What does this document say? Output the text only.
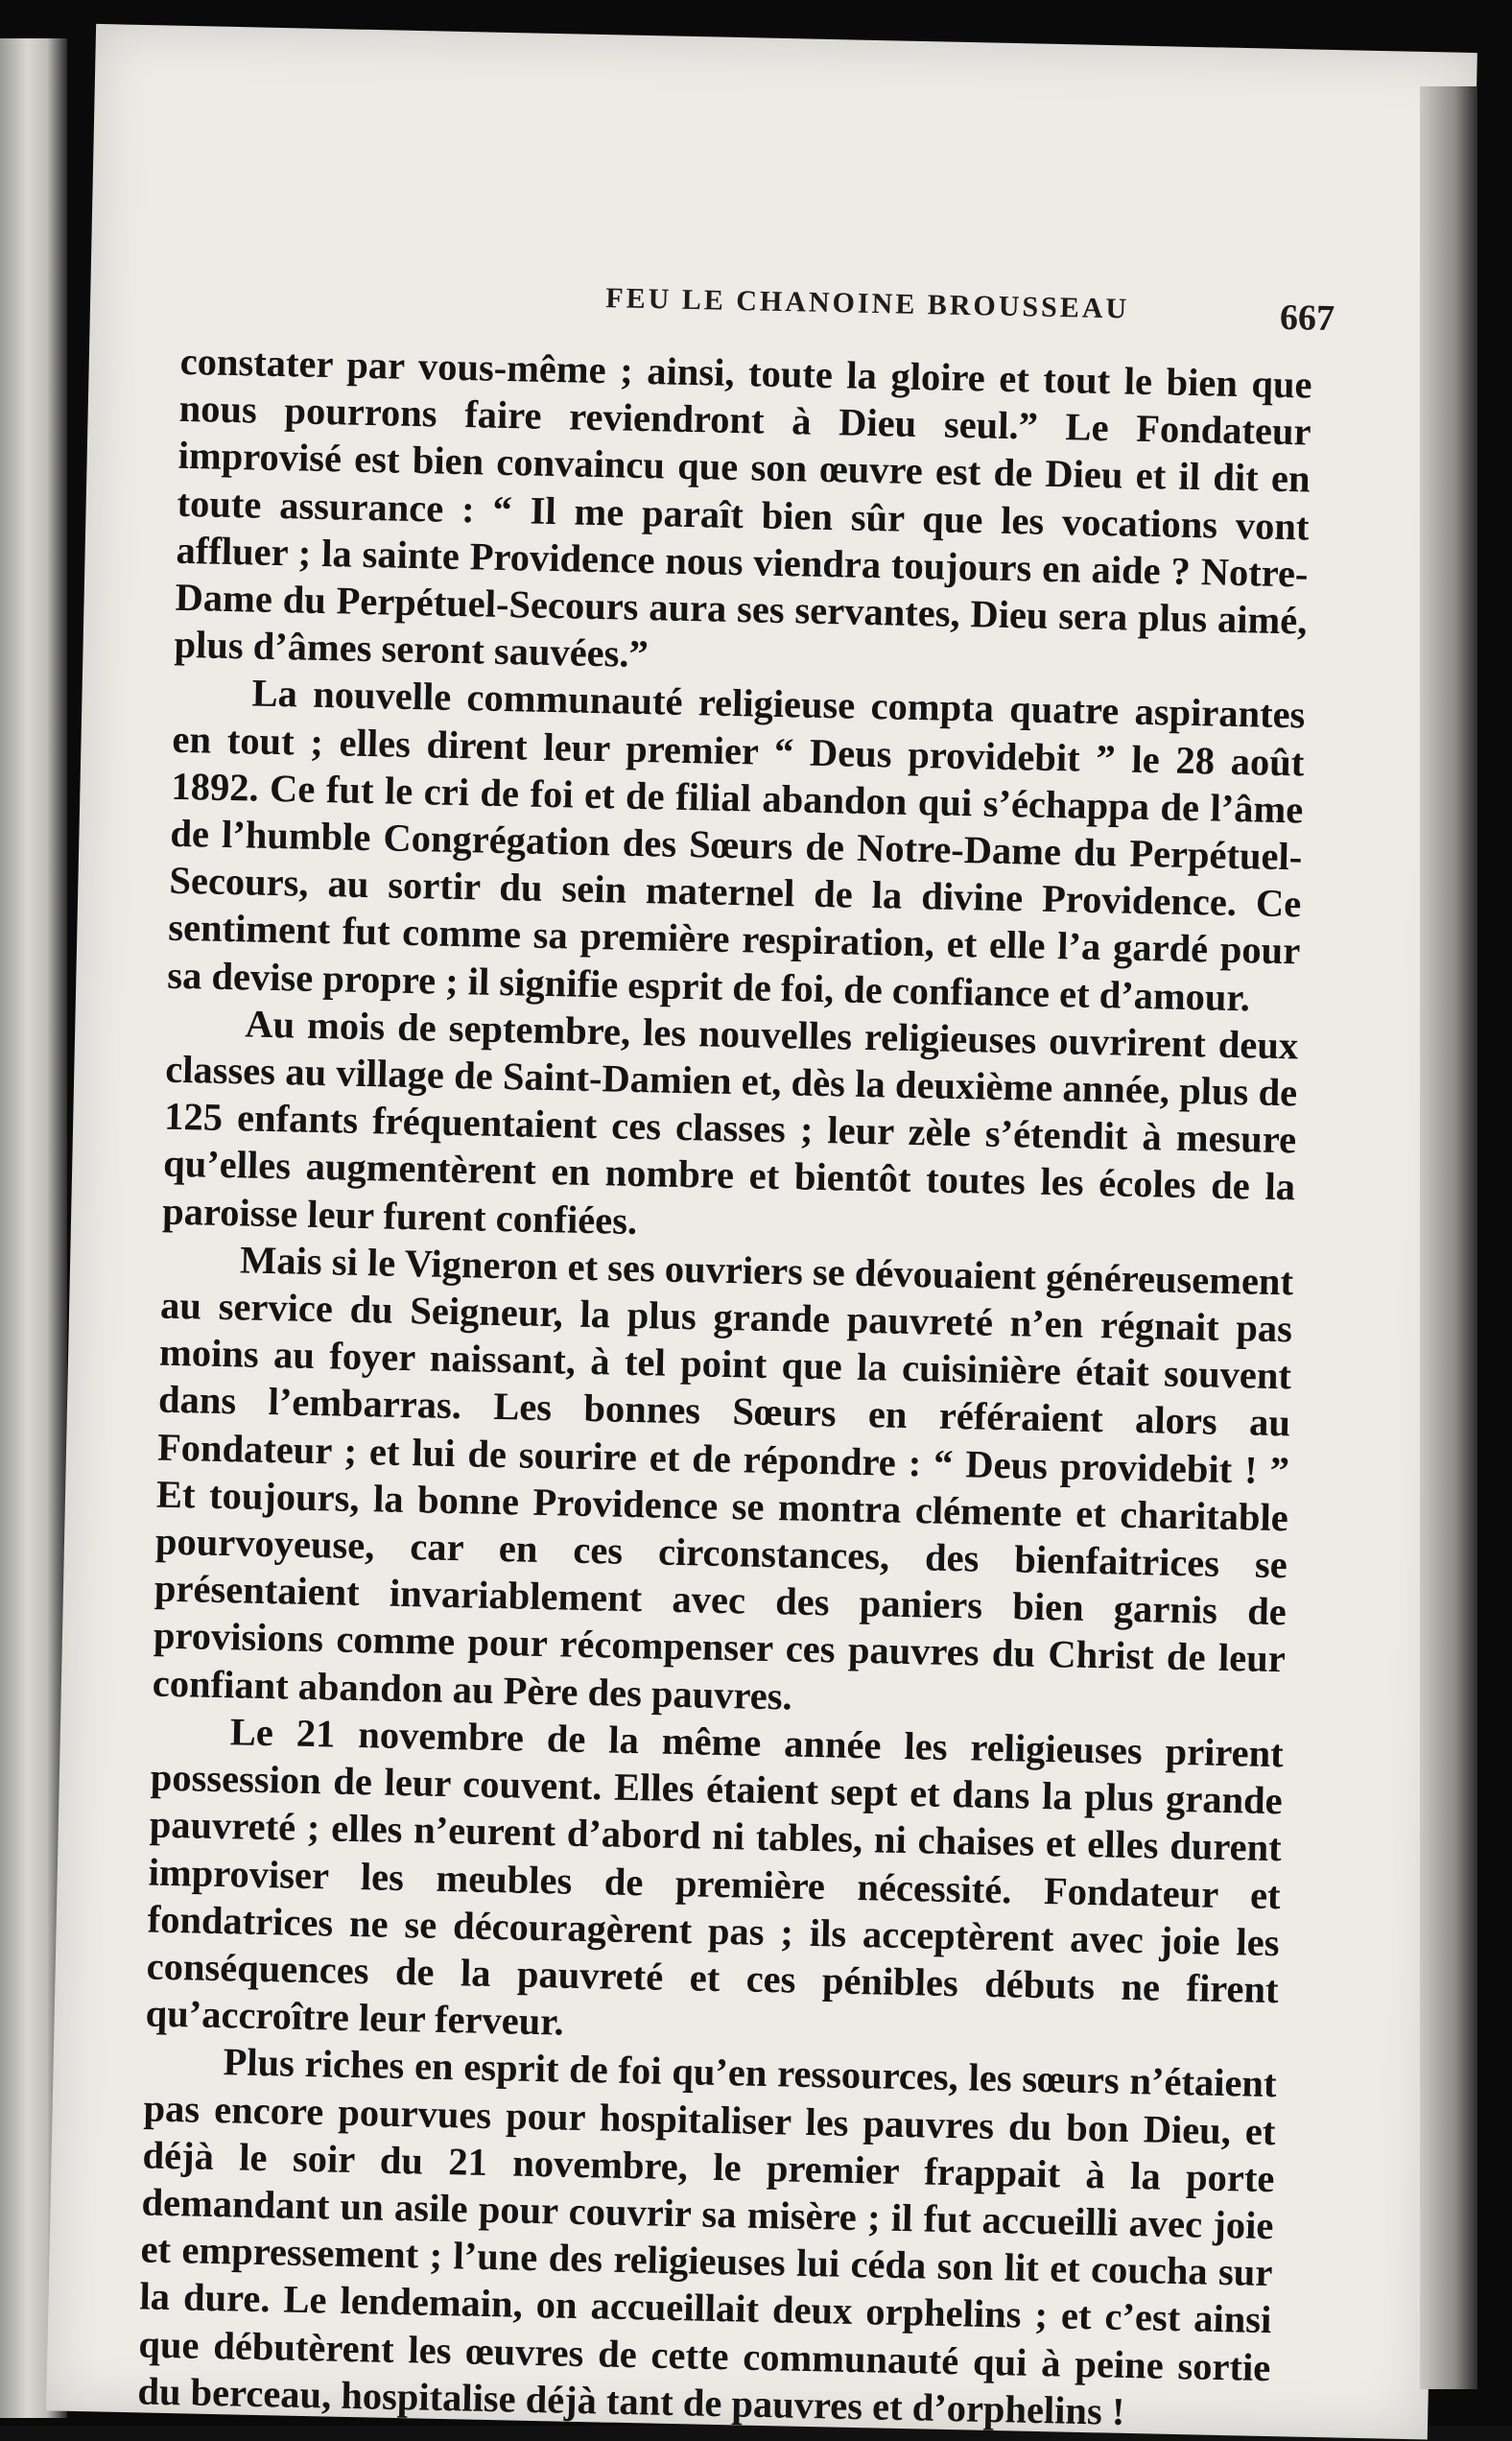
FEU LE CHANOINE BROUSSEAU	667

constater par vous-même ; ainsi, toute la gloire et tout le bien que nous pourrons faire reviendront à Dieu seul.” Le Fondateur improvisé est bien convaincu que son œuvre est de Dieu et il dit en toute assurance : “ Il me paraît bien sûr que les vocations vont affluer ; la sainte Providence nous viendra toujours en aide ? Notre-Dame du Perpétuel-Secours aura ses servantes, Dieu sera plus aimé, plus d’âmes seront sauvées.”

La nouvelle communauté religieuse compta quatre aspirantes en tout ; elles dirent leur premier “ Deus providebit ” le 28 août 1892. Ce fut le cri de foi et de filial abandon qui s’échappa de l’âme de l’humble Congrégation des Sœurs de Notre-Dame du Perpétuel-Secours, au sortir du sein maternel de la divine Providence. Ce sentiment fut comme sa première respiration, et elle l’a gardé pour sa devise propre ; il signifie esprit de foi, de confiance et d’amour.

Au mois de septembre, les nouvelles religieuses ouvrirent deux classes au village de Saint-Damien et, dès la deuxième année, plus de 125 enfants fréquentaient ces classes ; leur zèle s’étendit à mesure qu’elles augmentèrent en nombre et bientôt toutes les écoles de la paroisse leur furent confiées.

Mais si le Vigneron et ses ouvriers se dévouaient généreusement au service du Seigneur, la plus grande pauvreté n’en régnait pas moins au foyer naissant, à tel point que la cuisinière était souvent dans l’embarras. Les bonnes Sœurs en référaient alors au Fondateur ; et lui de sourire et de répondre : “ Deus providebit ! ” Et toujours, la bonne Providence se montra clémente et charitable pourvoyeuse, car en ces circonstances, des bienfaitrices se présentaient invariablement avec des paniers bien garnis de provisions comme pour récompenser ces pauvres du Christ de leur confiant abandon au Père des pauvres.

Le 21 novembre de la même année les religieuses prirent possession de leur couvent. Elles étaient sept et dans la plus grande pauvreté ; elles n’eurent d’abord ni tables, ni chaises et elles durent improviser les meubles de première nécessité. Fondateur et fondatrices ne se découragèrent pas ; ils acceptèrent avec joie les conséquences de la pauvreté et ces pénibles débuts ne firent qu’accroître leur ferveur.

Plus riches en esprit de foi qu’en ressources, les sœurs n’étaient pas encore pourvues pour hospitaliser les pauvres du bon Dieu, et déjà le soir du 21 novembre, le premier frappait à la porte demandant un asile pour couvrir sa misère ; il fut accueilli avec joie et empressement ; l’une des religieuses lui céda son lit et coucha sur la dure. Le lendemain, on accueillait deux orphelins ; et c’est ainsi que débutèrent les œuvres de cette communauté qui à peine sortie du berceau, hospitalise déjà tant de pauvres et d’orphelins !
